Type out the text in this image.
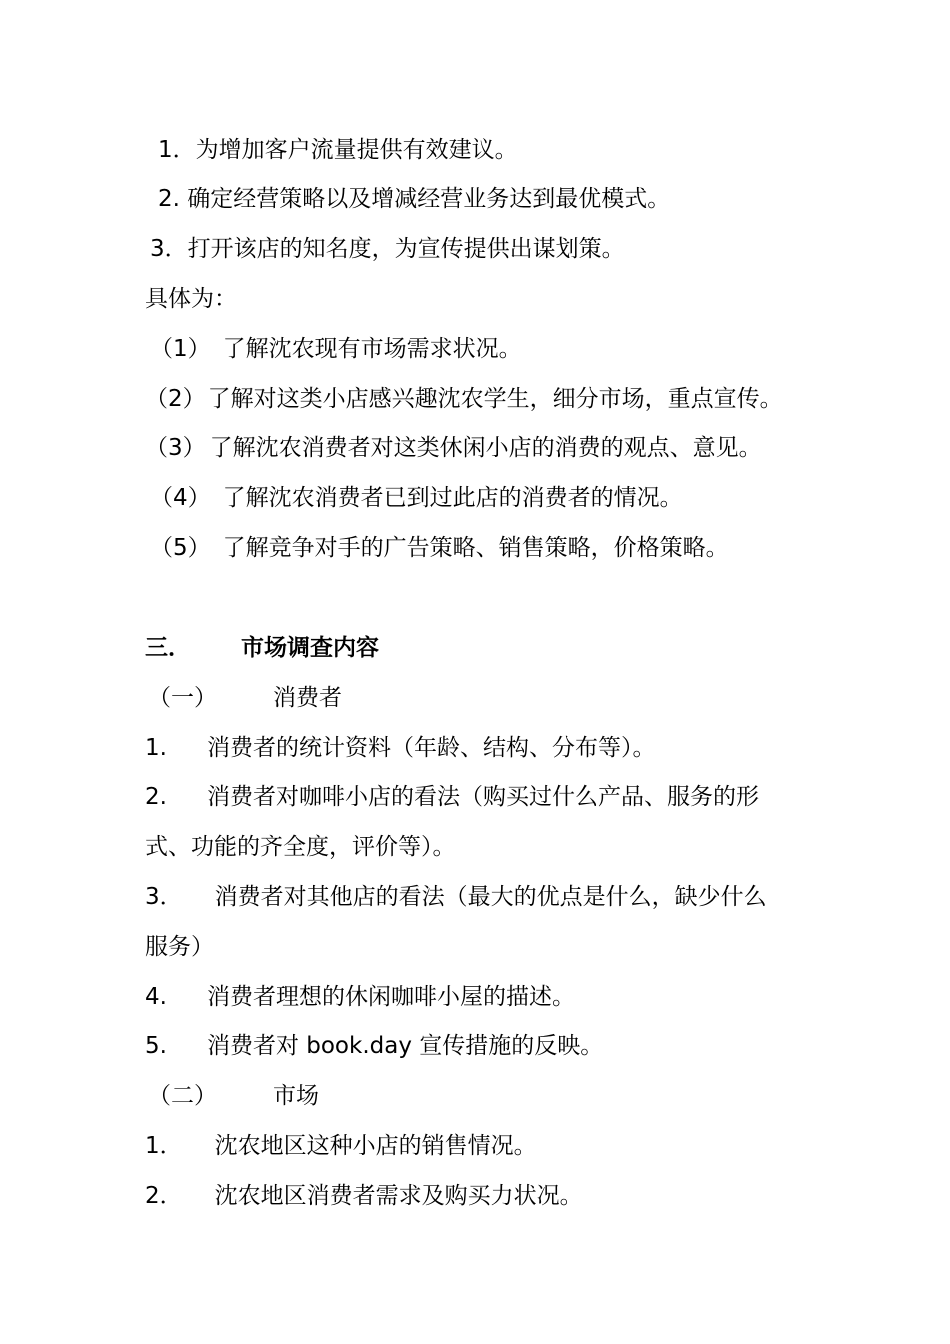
1．为增加客户流量提供有效建议。
2. 确定经营策略以及增减经营业务达到最优模式。
3．打开该店的知名度，为宣传提供出谋划策。
具体为：
（1） 了解沈农现有市场需求状况。
（2）了解对这类小店感兴趣沈农学生，细分市场，重点宣传。
（3） 了解沈农消费者对这类休闲小店的消费的观点、意见。
（4） 了解沈农消费者已到过此店的消费者的情况。
（5） 了解竞争对手的广告策略、销售策略，价格策略。
三． 市场调查内容
（一） 消费者
1. 消费者的统计资料（年龄、结构、分布等）。
2. 消费者对咖啡小店的看法（购买过什么产品、服务的形
式、功能的齐全度，评价等）。
3． 消费者对其他店的看法（最大的优点是什么，缺少什么
服务）
4. 消费者理想的休闲咖啡小屋的描述。
5. 消费者对 book.day 宣传措施的反映。
（二） 市场
1． 沈农地区这种小店的销售情况。
2． 沈农地区消费者需求及购买力状况。
